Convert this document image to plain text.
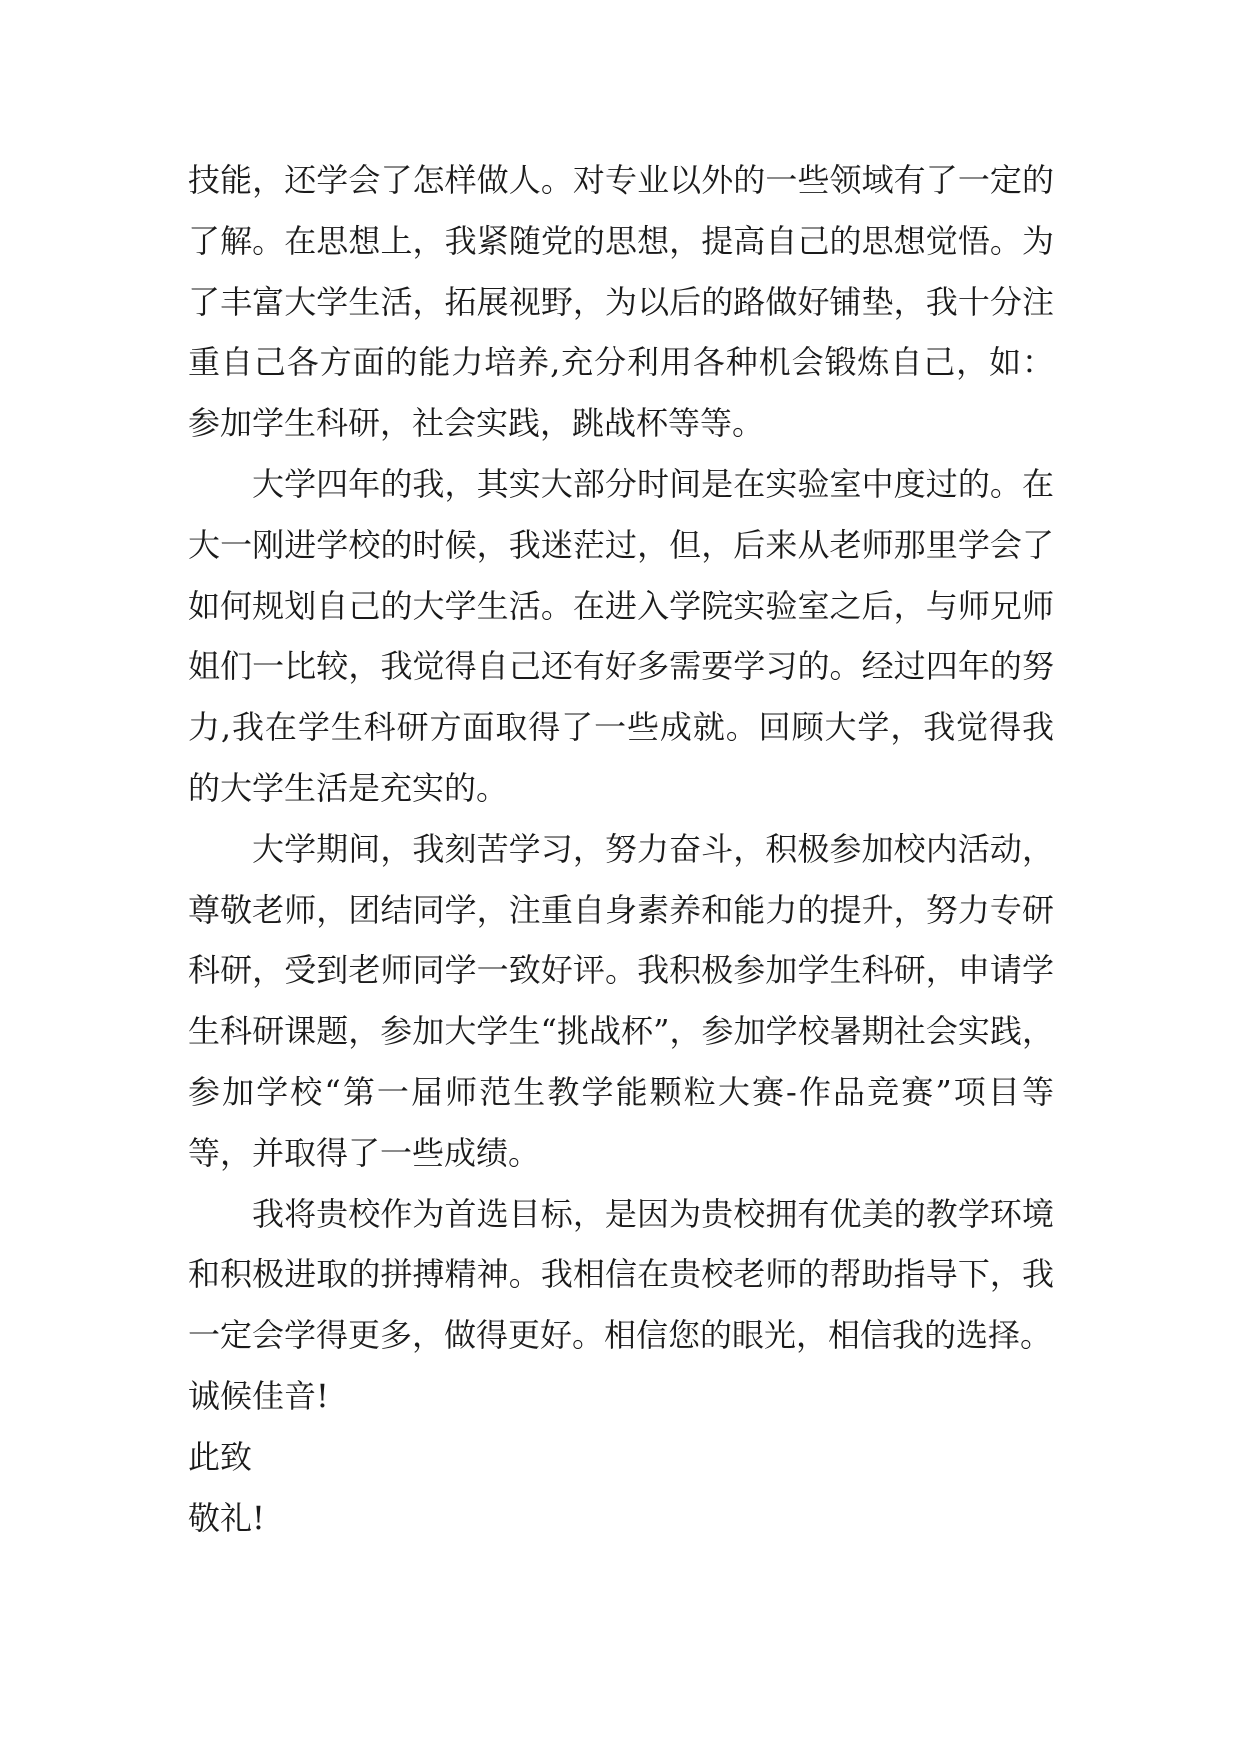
技能，还学会了怎样做人。对专业以外的一些领域有了一定的了解。在思想上，我紧随党的思想，提高自己的思想觉悟。为了丰富大学生活，拓展视野，为以后的路做好铺垫，我十分注重自己各方面的能力培养,充分利用各种机会锻炼自己，如：参加学生科研，社会实践，跳战杯等等。

大学四年的我，其实大部分时间是在实验室中度过的。在大一刚进学校的时候，我迷茫过，但，后来从老师那里学会了如何规划自己的大学生活。在进入学院实验室之后，与师兄师姐们一比较，我觉得自己还有好多需要学习的。经过四年的努力,我在学生科研方面取得了一些成就。回顾大学，我觉得我的大学生活是充实的。

大学期间，我刻苦学习，努力奋斗，积极参加校内活动，尊敬老师，团结同学，注重自身素养和能力的提升，努力专研科研，受到老师同学一致好评。我积极参加学生科研，申请学生科研课题，参加大学生“挑战杯”，参加学校暑期社会实践，参加学校“第一届师范生教学能颗粒大赛-作品竞赛”项目等等，并取得了一些成绩。

我将贵校作为首选目标，是因为贵校拥有优美的教学环境和积极进取的拼搏精神。我相信在贵校老师的帮助指导下，我一定会学得更多，做得更好。相信您的眼光，相信我的选择。

诚候佳音!

此致

敬礼!
